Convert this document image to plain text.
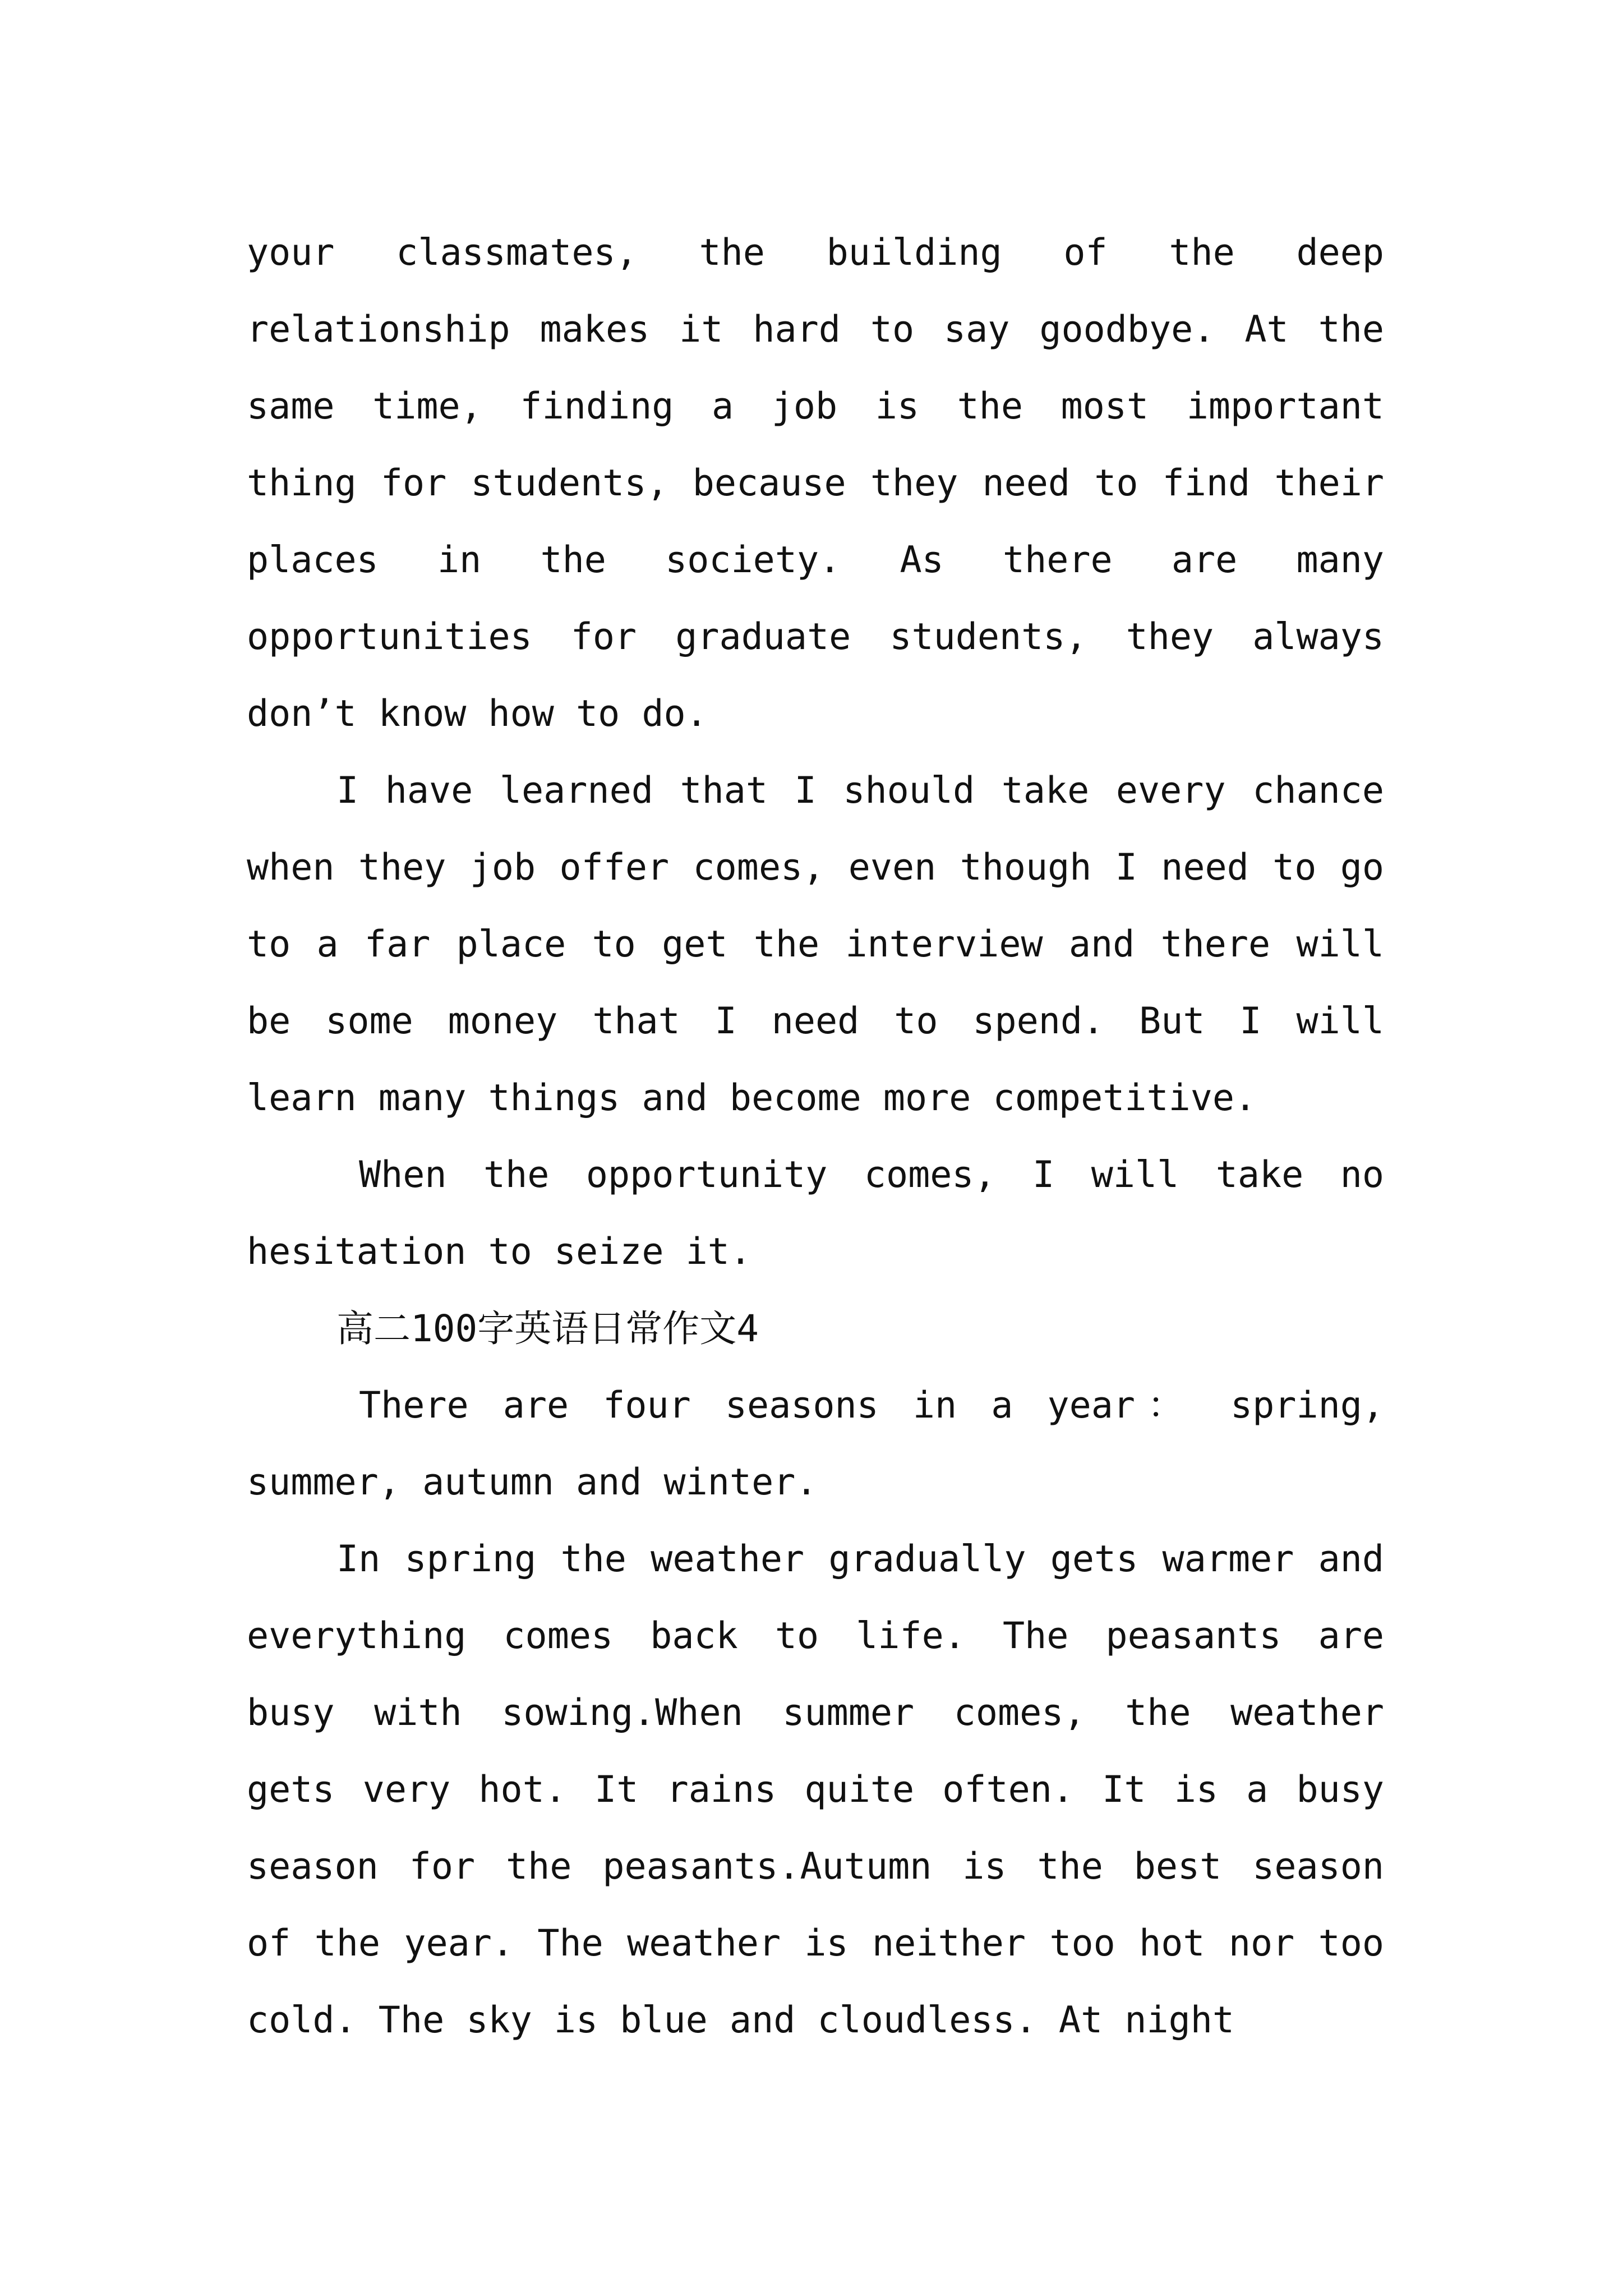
your classmates, the building of the deep relationship makes it hard to say goodbye. At the same time, finding a job is the most important thing for students, because they need to find their places in the society. As there are many opportunities for graduate students, they always don’t know how to do.

I have learned that I should take every chance when they job offer comes, even though I need to go to a far place to get the interview and there will be some money that I need to spend. But I will learn many things and become more competitive.

When the opportunity comes, I will take no hesitation to seize it.

高二100字英语日常作文4

There are four seasons in a year： spring, summer, autumn and winter.

In spring the weather gradually gets warmer and everything comes back to life. The peasants are busy with sowing.When summer comes, the weather gets very hot. It rains quite often. It is a busy season for the peasants.Autumn is the best season of the year. The weather is neither too hot nor too cold. The sky is blue and cloudless. At night
